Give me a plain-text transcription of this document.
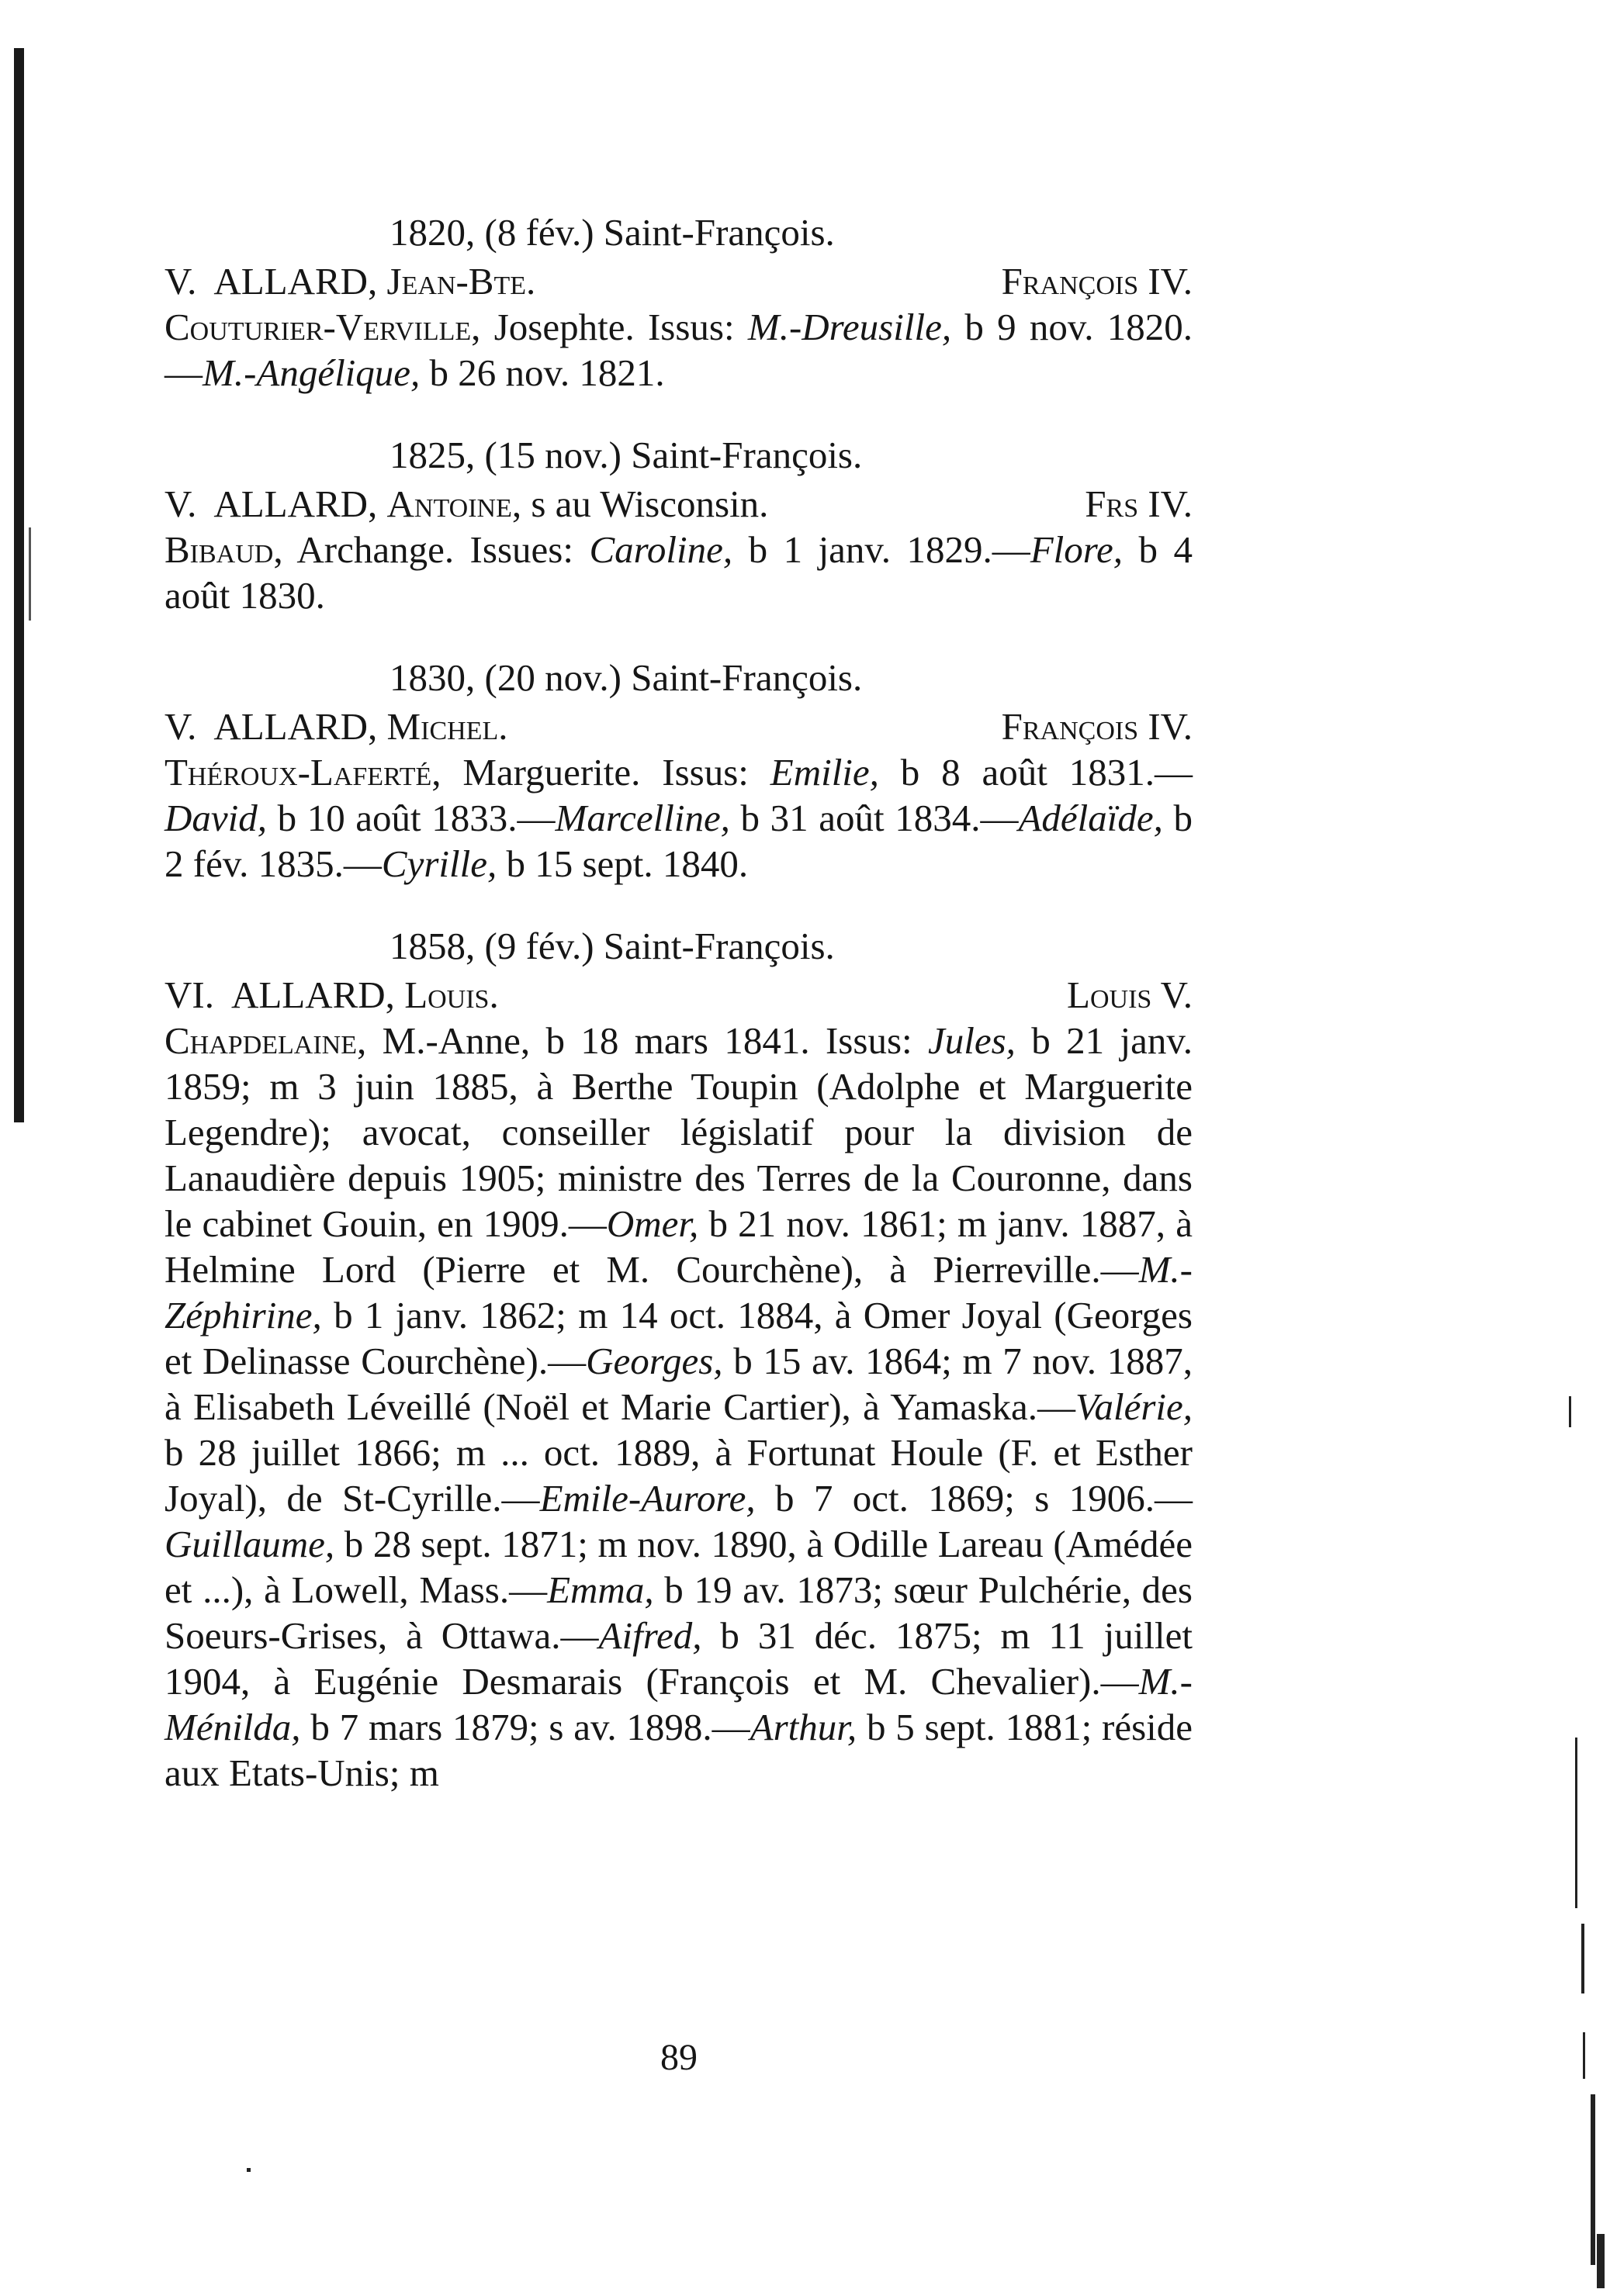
1820, (8 fév.) Saint-François.
V. ALLARD, Jean-Bte.	François IV.
Couturier-Verville, Josephte. Issus: M.-Dreusille, b 9 nov. 1820.—M.-Angélique, b 26 nov. 1821.
1825, (15 nov.) Saint-François.
V. ALLARD, Antoine, s au Wisconsin.	Frs IV.
Bibaud, Archange. Issues: Caroline, b 1 janv. 1829.—Flore, b 4 août 1830.
1830, (20 nov.) Saint-François.
V. ALLARD, Michel.	François IV.
Théroux-Laferté, Marguerite. Issus: Emilie, b 8 août 1831.—David, b 10 août 1833.—Marcelline, b 31 août 1834.—Adélaïde, b 2 fév. 1835.—Cyrille, b 15 sept. 1840.
1858, (9 fév.) Saint-François.
VI. ALLARD, Louis.	Louis V.
Chapdelaine, M.-Anne, b 18 mars 1841. Issus: Jules, b 21 janv. 1859; m 3 juin 1885, à Berthe Toupin (Adolphe et Marguerite Legendre); avocat, conseiller législatif pour la division de Lanaudière depuis 1905; ministre des Terres de la Couronne, dans le cabinet Gouin, en 1909.—Omer, b 21 nov. 1861; m janv. 1887, à Helmine Lord (Pierre et M. Courchène), à Pierreville.—M.-Zéphirine, b 1 janv. 1862; m 14 oct. 1884, à Omer Joyal (Georges et Delinasse Courchène).—Georges, b 15 av. 1864; m 7 nov. 1887, à Elisabeth Léveillé (Noël et Marie Cartier), à Yamaska.—Valérie, b 28 juillet 1866; m ... oct. 1889, à Fortunat Houle (F. et Esther Joyal), de St-Cyrille.—Emile-Aurore, b 7 oct. 1869; s 1906.—Guillaume, b 28 sept. 1871; m nov. 1890, à Odille Lareau (Amédée et ...), à Lowell, Mass.—Emma, b 19 av. 1873; sœur Pulchérie, des Soeurs-Grises, à Ottawa.—Aifred, b 31 déc. 1875; m 11 juillet 1904, à Eugénie Desmarais (François et M. Chevalier).—M.-Ménilda, b 7 mars 1879; s av. 1898.—Arthur, b 5 sept. 1881; réside aux Etats-Unis; m
89
